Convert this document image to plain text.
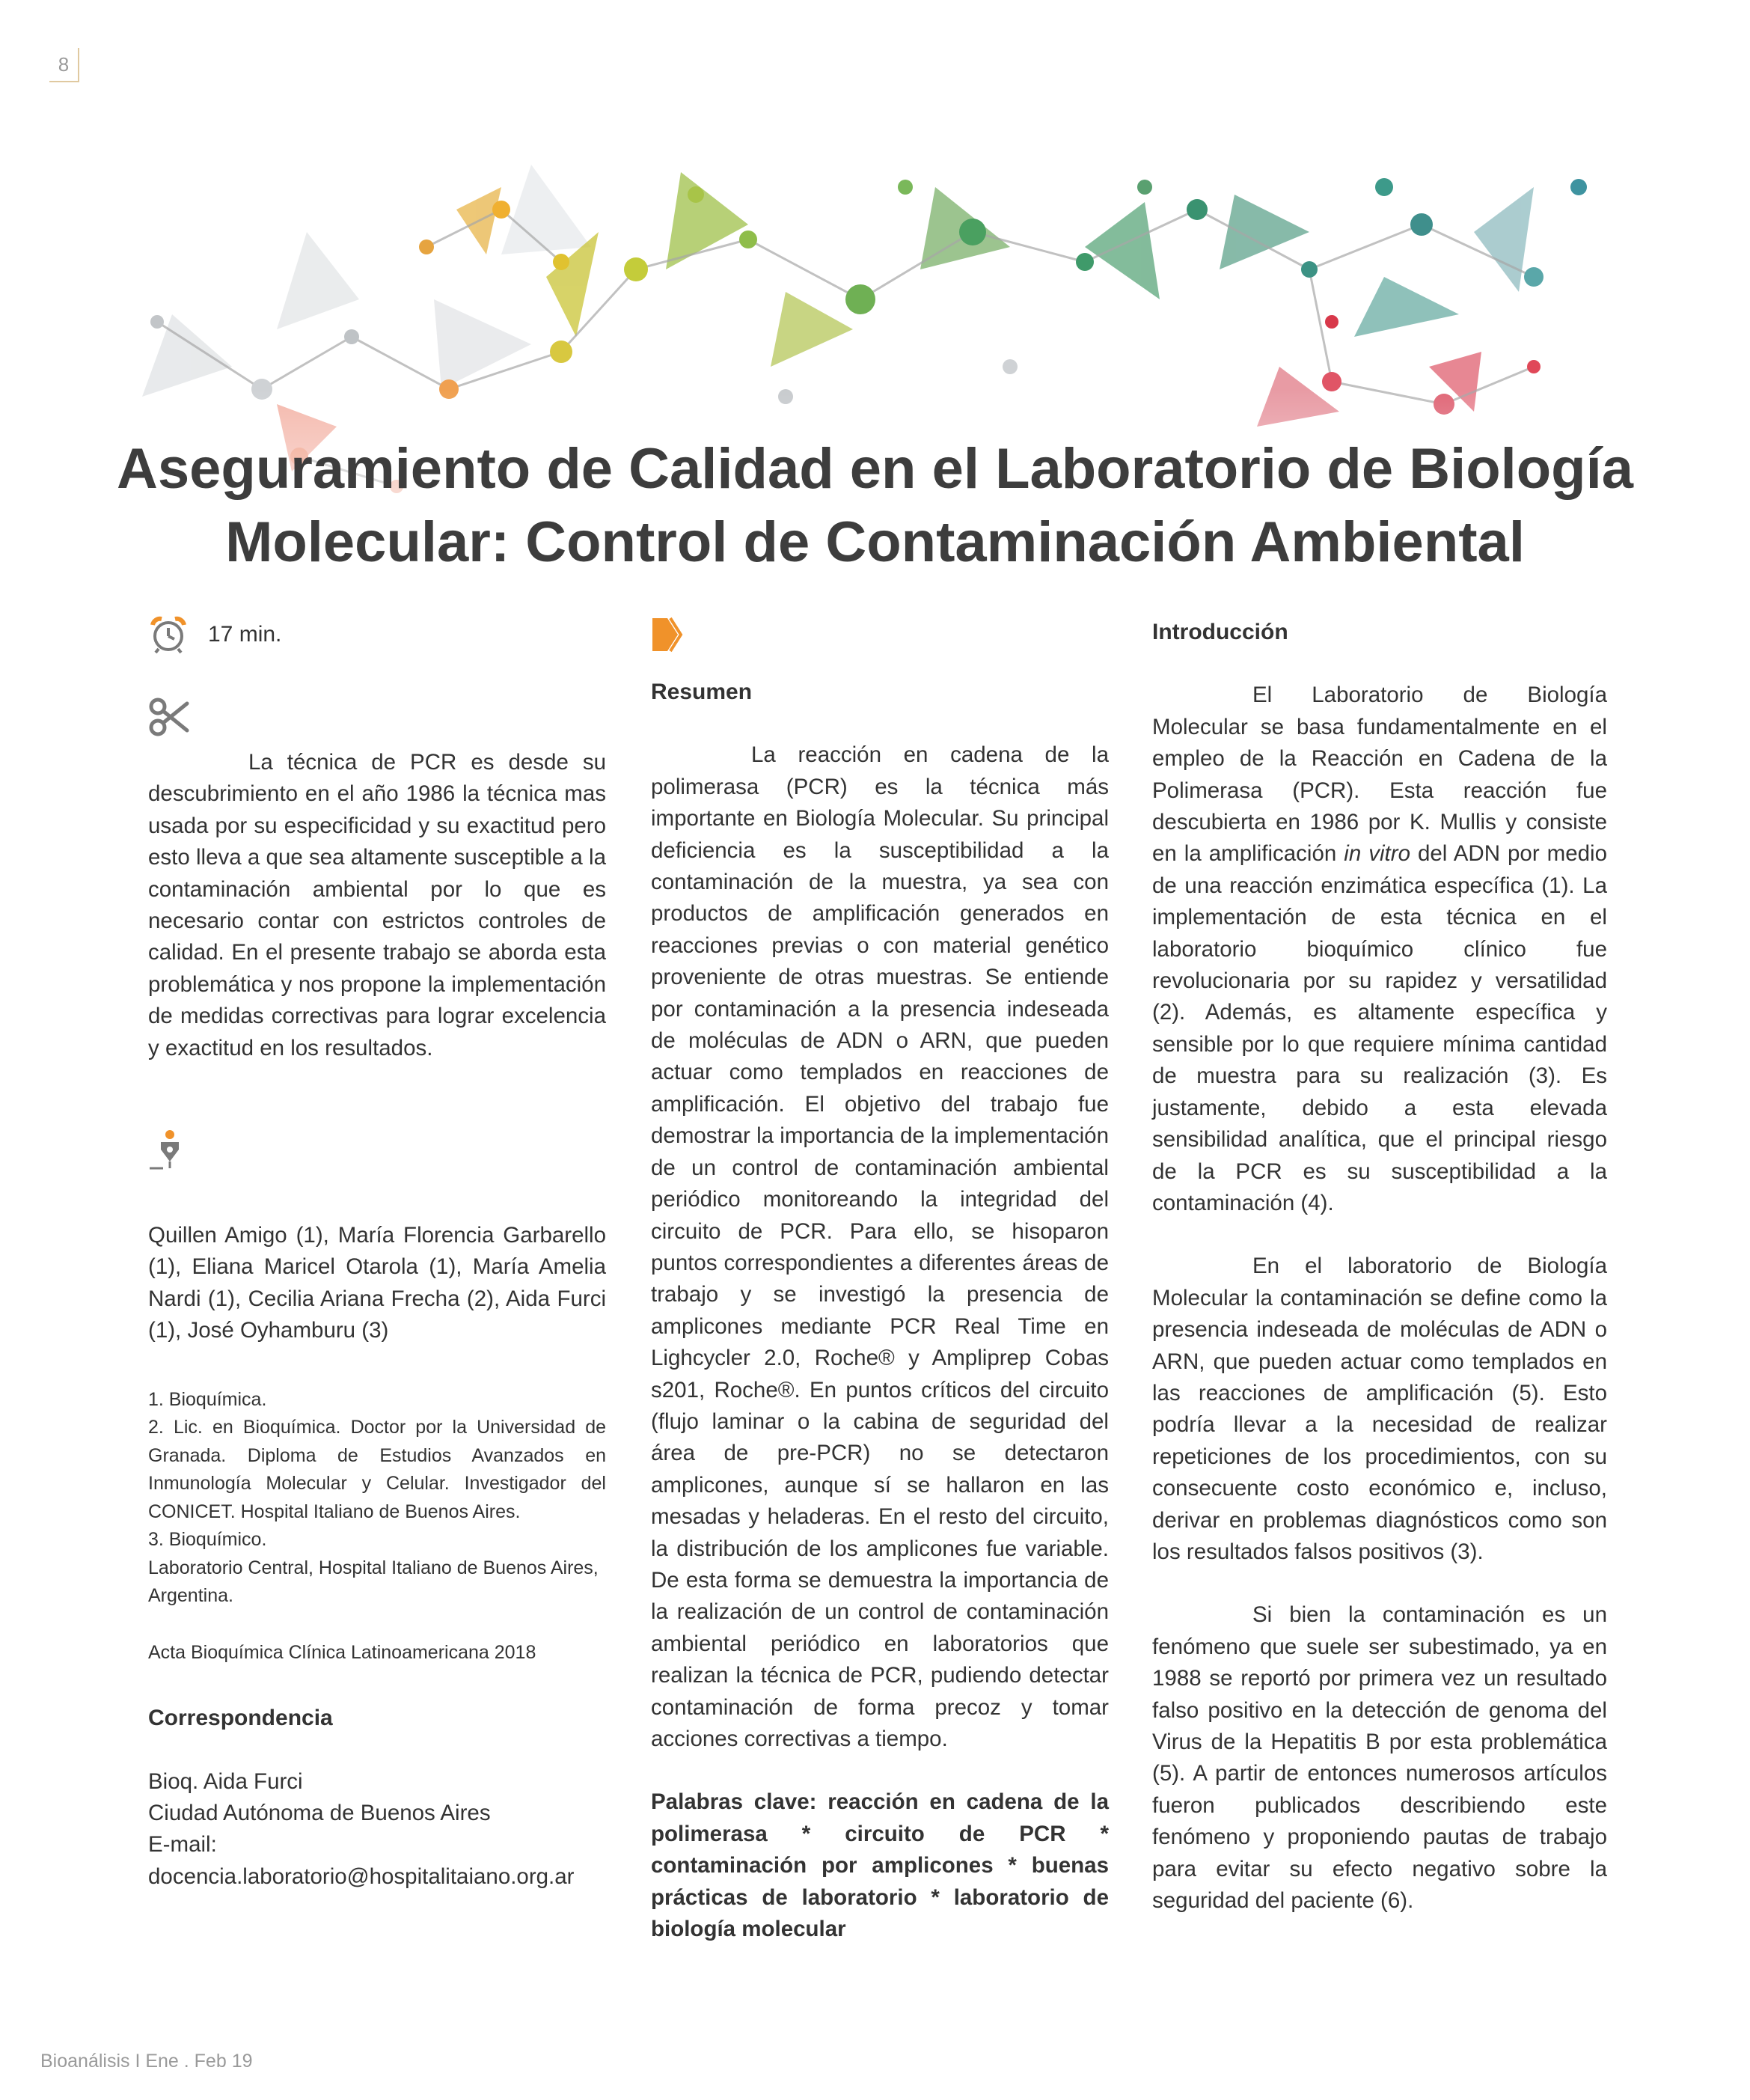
8
Aseguramiento de Calidad en el Laboratorio de Biología
Molecular: Control de Contaminación Ambiental
17 min.

La técnica de PCR es desde su descubrimiento en el año 1986 la técnica mas usada por su especificidad y su exactitud pero esto lleva a que sea altamente susceptible a la contaminación ambiental por lo que es necesario contar con estrictos controles de calidad. En el presente trabajo se aborda esta problemática y nos propone la implementación de medidas correctivas para lograr excelencia y exactitud en los resultados.

Quillen Amigo (1), María Florencia Garbarello (1), Eliana Maricel Otarola (1), María Amelia Nardi (1), Cecilia Ariana Frecha (2), Aida Furci (1), José Oyhamburu (3)

1. Bioquímica.

2. Lic. en Bioquímica. Doctor por la Universidad de Granada. Diploma de Estudios Avanzados en Inmunología Molecular y Celular. Investigador del CONICET. Hospital Italiano de Buenos Aires.

3. Bioquímico.

Laboratorio Central, Hospital Italiano de Buenos Aires, Argentina.

Acta Bioquímica Clínica Latinoamericana 2018

Correspondencia

Bioq. Aida Furci

Ciudad Autónoma de Buenos Aires

E-mail:

docencia.laboratorio@hospitalitaiano.org.ar

Resumen

La reacción en cadena de la polimerasa (PCR) es la técnica más importante en Biología Molecular. Su principal deficiencia es la susceptibilidad a la contaminación de la muestra, ya sea con productos de amplificación generados en reacciones previas o con material genético proveniente de otras muestras. Se entiende por contaminación a la presencia indeseada de moléculas de ADN o ARN, que pueden actuar como templados en reacciones de amplificación. El objetivo del trabajo fue demostrar la importancia de la implementación de un control de contaminación ambiental periódico monitoreando la integridad del circuito de PCR. Para ello, se hisoparon puntos correspondientes a diferentes áreas de trabajo y se investigó la presencia de amplicones mediante PCR Real Time en Lighcycler 2.0, Roche® y Ampliprep Cobas s201, Roche®. En puntos críticos del circuito (flujo laminar o la cabina de seguridad del área de pre-PCR) no se detectaron amplicones, aunque sí se hallaron en las mesadas y heladeras. En el resto del circuito, la distribución de los amplicones fue variable. De esta forma se demuestra la importancia de la realización de un control de contaminación ambiental periódico en laboratorios que realizan la técnica de PCR, pudiendo detectar contaminación de forma precoz y tomar acciones correctivas a tiempo.

Palabras clave: reacción en cadena de la polimerasa * circuito de PCR * contaminación por amplicones * buenas prácticas de laboratorio * laboratorio de biología molecular

Introducción

El Laboratorio de Biología Molecular se basa fundamentalmente en el empleo de la Reacción en Cadena de la Polimerasa (PCR). Esta reacción fue descubierta en 1986 por K. Mullis y consiste en la amplificación in vitro del ADN por medio de una reacción enzimática específica (1). La implementación de esta técnica en el laboratorio bioquímico clínico fue revolucionaria por su rapidez y versatilidad (2). Además, es altamente específica y sensible por lo que requiere mínima cantidad de muestra para su realización (3). Es justamente, debido a esta elevada sensibilidad analítica, que el principal riesgo de la PCR es su susceptibilidad a la contaminación (4).

En el laboratorio de Biología Molecular la contaminación se define como la presencia indeseada de moléculas de ADN o ARN, que pueden actuar como templados en las reacciones de amplificación (5). Esto podría llevar a la necesidad de realizar repeticiones de los procedimientos, con su consecuente costo económico e, incluso, derivar en problemas diagnósticos como son los resultados falsos positivos (3).

Si bien la contaminación es un fenómeno que suele ser subestimado, ya en 1988 se reportó por primera vez un resultado falso positivo en la detección de genoma del Virus de la Hepatitis B por esta problemática (5). A partir de entonces numerosos artículos fueron publicados describiendo este fenómeno y proponiendo pautas de trabajo para evitar su efecto negativo sobre la seguridad del paciente (6).

Bioanálisis I Ene . Feb 19
